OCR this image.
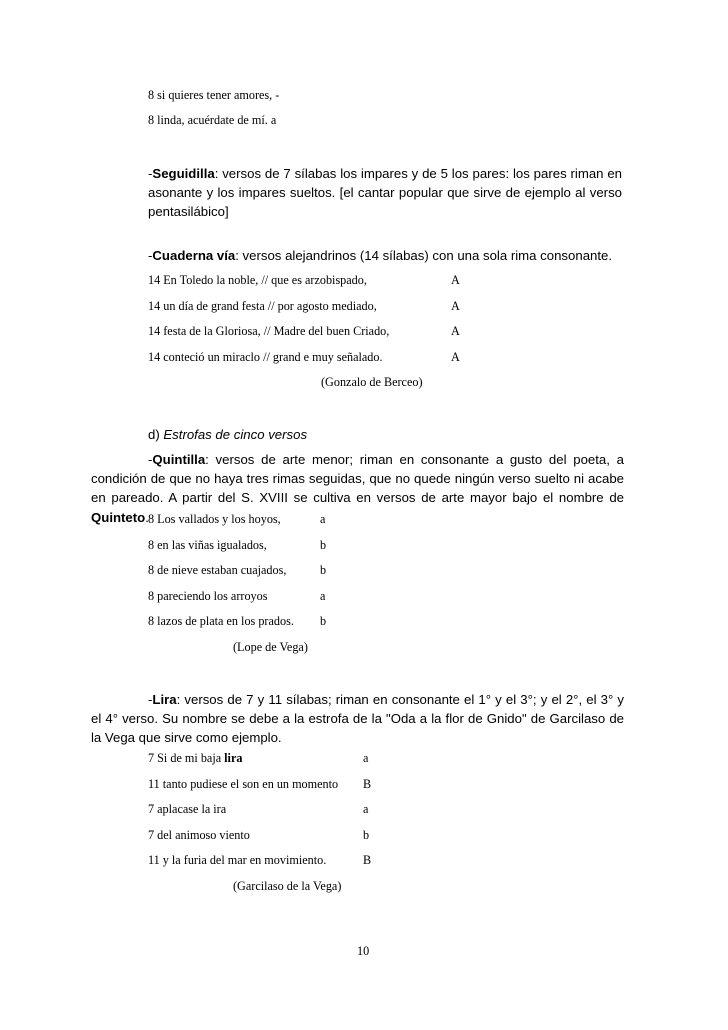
8 si quieres tener amores, -
8 linda, acuérdate de mí. a
-Seguidilla: versos de 7 sílabas los impares y de 5 los pares: los pares riman en asonante y los impares sueltos. [el cantar popular que sirve de ejemplo al verso pentasilábico]
-Cuaderna vía: versos alejandrinos (14 sílabas) con una sola rima consonante.
14 En Toledo la noble, // que es arzobispado,	A
14 un día de grand festa // por agosto mediado,	A
14 festa de la Gloriosa, // Madre del buen Criado,	A
14 conteció un miraclo // grand e muy señalado.	A
(Gonzalo de Berceo)
d) Estrofas de cinco versos
-Quintilla: versos de arte menor; riman en consonante a gusto del poeta, a condición de que no haya tres rimas seguidas, que no quede ningún verso suelto ni acabe en pareado. A partir del S. XVIII se cultiva en versos de arte mayor bajo el nombre de Quinteto. 8 Los vallados y los hoyos,	a
8 en las viñas igualados,	b
8 de nieve estaban cuajados,	b
8 pareciendo los arroyos	a
8 lazos de plata en los prados. b
(Lope de Vega)
-Lira: versos de 7 y 11 sílabas; riman en consonante el 1° y el 3°; y el 2°, el 3° y el 4° verso. Su nombre se debe a la estrofa de la "Oda a la flor de Gnido" de Garcilaso de la Vega que sirve como ejemplo.
7 Si de mi baja lira	a
11 tanto pudiese el son en un momento B
7 aplacase la ira	a
7 del animoso viento	b
11 y la furia del mar en movimiento.	B
(Garcilaso de la Vega)
10
